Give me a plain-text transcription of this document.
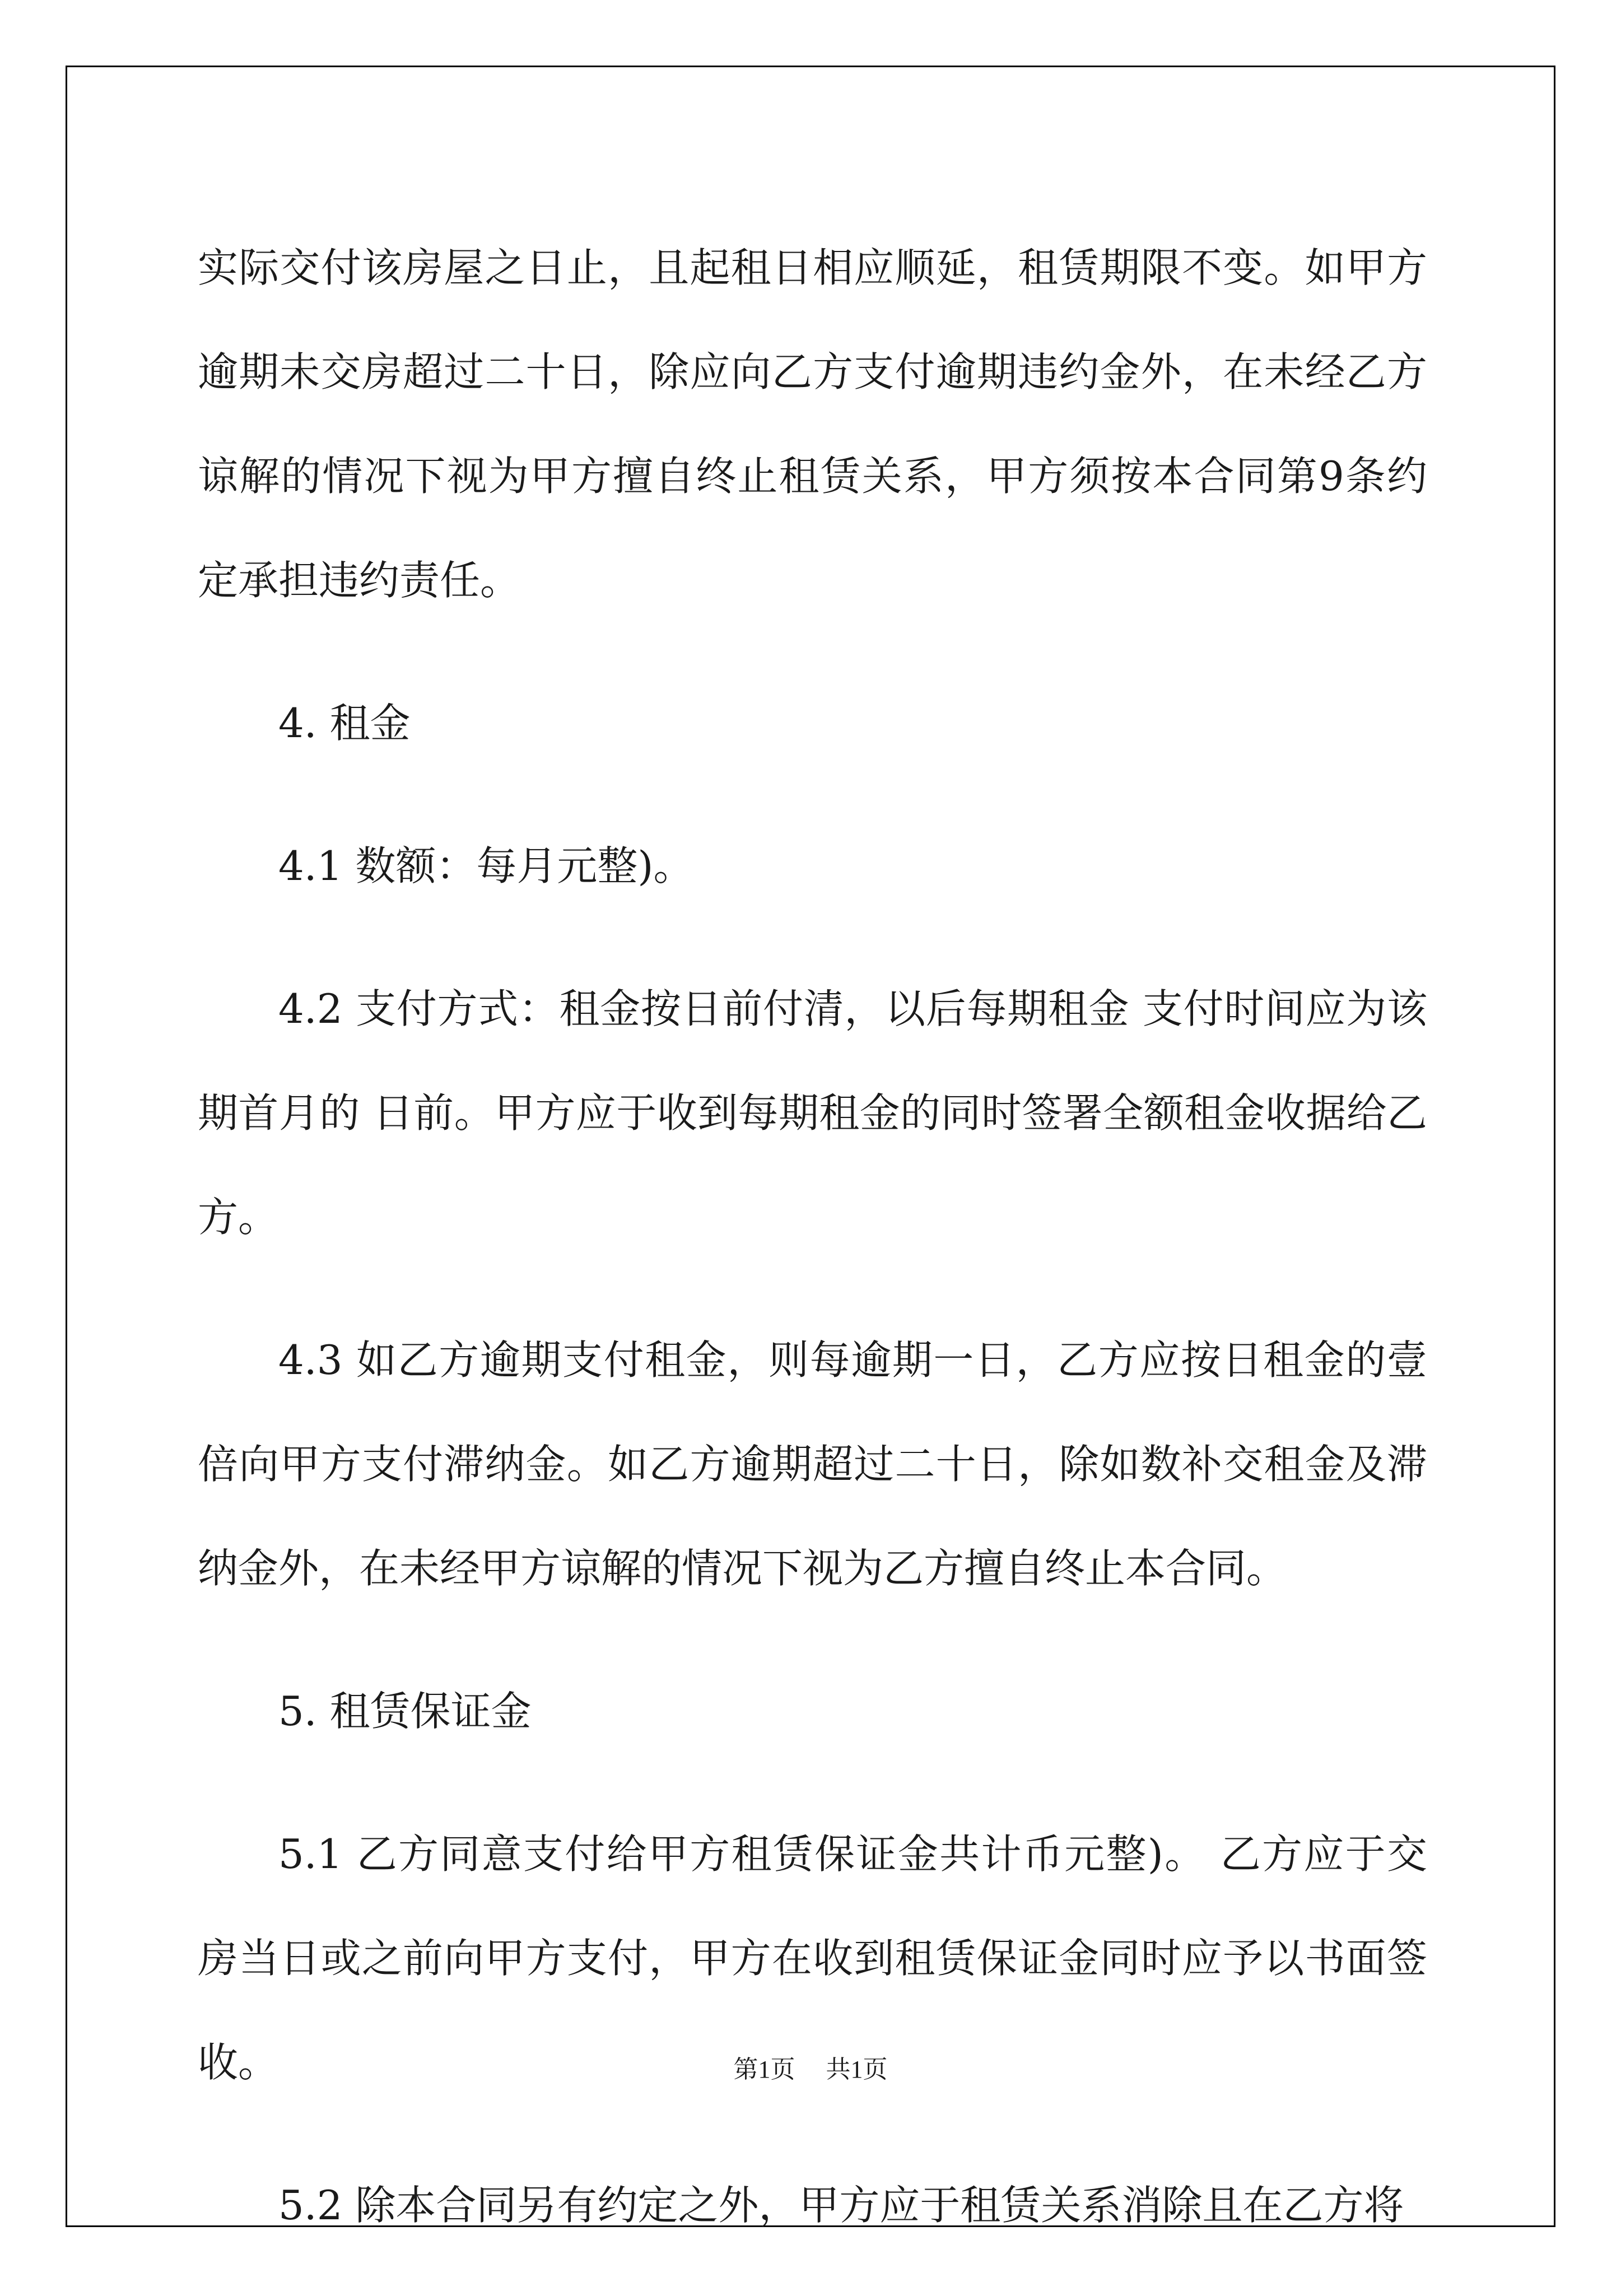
实际交付该房屋之日止，且起租日相应顺延，租赁期限不变。如甲方逾期未交房超过二十日，除应向乙方支付逾期违约金外，在未经乙方谅解的情况下视为甲方擅自终止租赁关系，甲方须按本合同第9条约定承担违约责任。

4. 租金

4.1 数额：每月元整)。

4.2 支付方式：租金按日前付清，以后每期租金 支付时间应为该期首月的 日前。甲方应于收到每期租金的同时签署全额租金收据给乙方。

4.3 如乙方逾期支付租金，则每逾期一日，乙方应按日租金的壹倍向甲方支付滞纳金。如乙方逾期超过二十日，除如数补交租金及滞纳金外，在未经甲方谅解的情况下视为乙方擅自终止本合同。

5. 租赁保证金

5.1 乙方同意支付给甲方租赁保证金共计币元整)。 乙方应于交房当日或之前向甲方支付，甲方在收到租赁保证金同时应予以书面签收。

5.2 除本合同另有约定之外，甲方应于租赁关系消除且在乙方将

第1页 共1页
